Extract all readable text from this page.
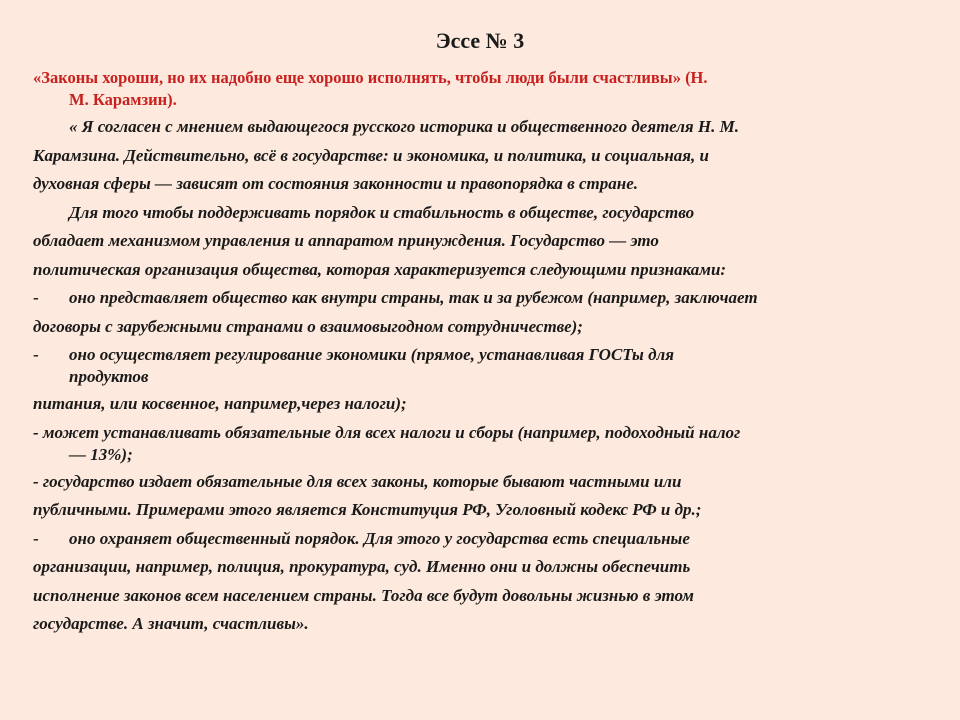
Эссе № 3
«Законы хороши, но их надобно еще хорошо исполнять, чтобы люди были счастливы» (Н.
М. Карамзин).
« Я согласен с мнением выдающегося русского историка и общественного деятеля Н. М.
Карамзина. Действительно, всё в государстве: и экономика, и политика, и социальная, и
духовная сферы — зависят от состояния законности и правопорядка в стране.
Для того чтобы поддерживать порядок и стабильность в обществе, государство
обладает механизмом управления и аппаратом принуждения. Государство — это
политическая организация общества, которая характеризуется следующими признаками:
- оно представляет общество как внутри страны, так и за рубежом (например, заключает
договоры с зарубежными странами о взаимовыгодном сотрудничестве);
- оно осуществляет регулирование экономики (прямое, устанавливая ГОСТы для
продуктов
питания, или косвенное, например,через налоги);
- может устанавливать обязательные для всех налоги и сборы (например, подоходный налог
— 13%);
- государство издает обязательные для всех законы, которые бывают частными или
публичными. Примерами этого является Конституция РФ, Уголовный кодекс РФ и др.;
- оно охраняет общественный порядок. Для этого у государства есть специальные
организации, например, полиция, прокуратура, суд. Именно они и должны обеспечить
исполнение законов всем населением страны. Тогда все будут довольны жизнью в этом
государстве. А значит, счастливы».
